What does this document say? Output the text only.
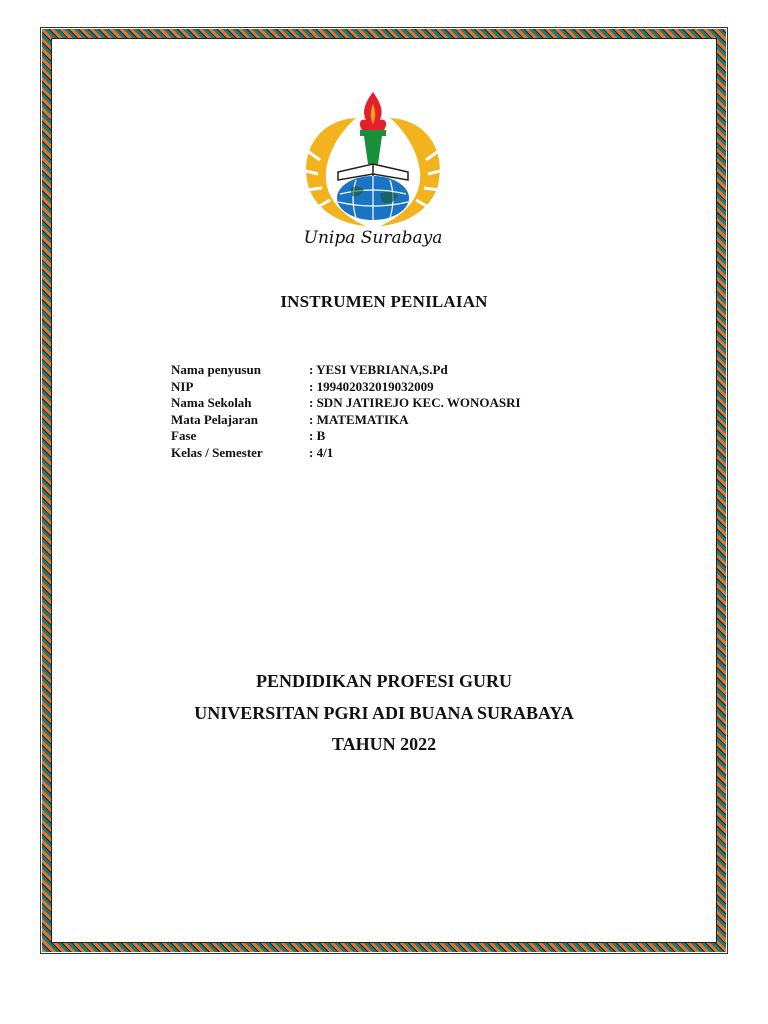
Unipa Surabaya
INSTRUMEN PENILAIAN
Nama penyusun	: YESI VEBRIANA,S.Pd
NIP	: 199402032019032009
Nama Sekolah	: SDN JATIREJO KEC. WONOASRI
Mata Pelajaran	: MATEMATIKA
Fase	: B
Kelas / Semester	: 4/1
PENDIDIKAN PROFESI GURU
UNIVERSITAN PGRI ADI BUANA SURABAYA
TAHUN 2022
